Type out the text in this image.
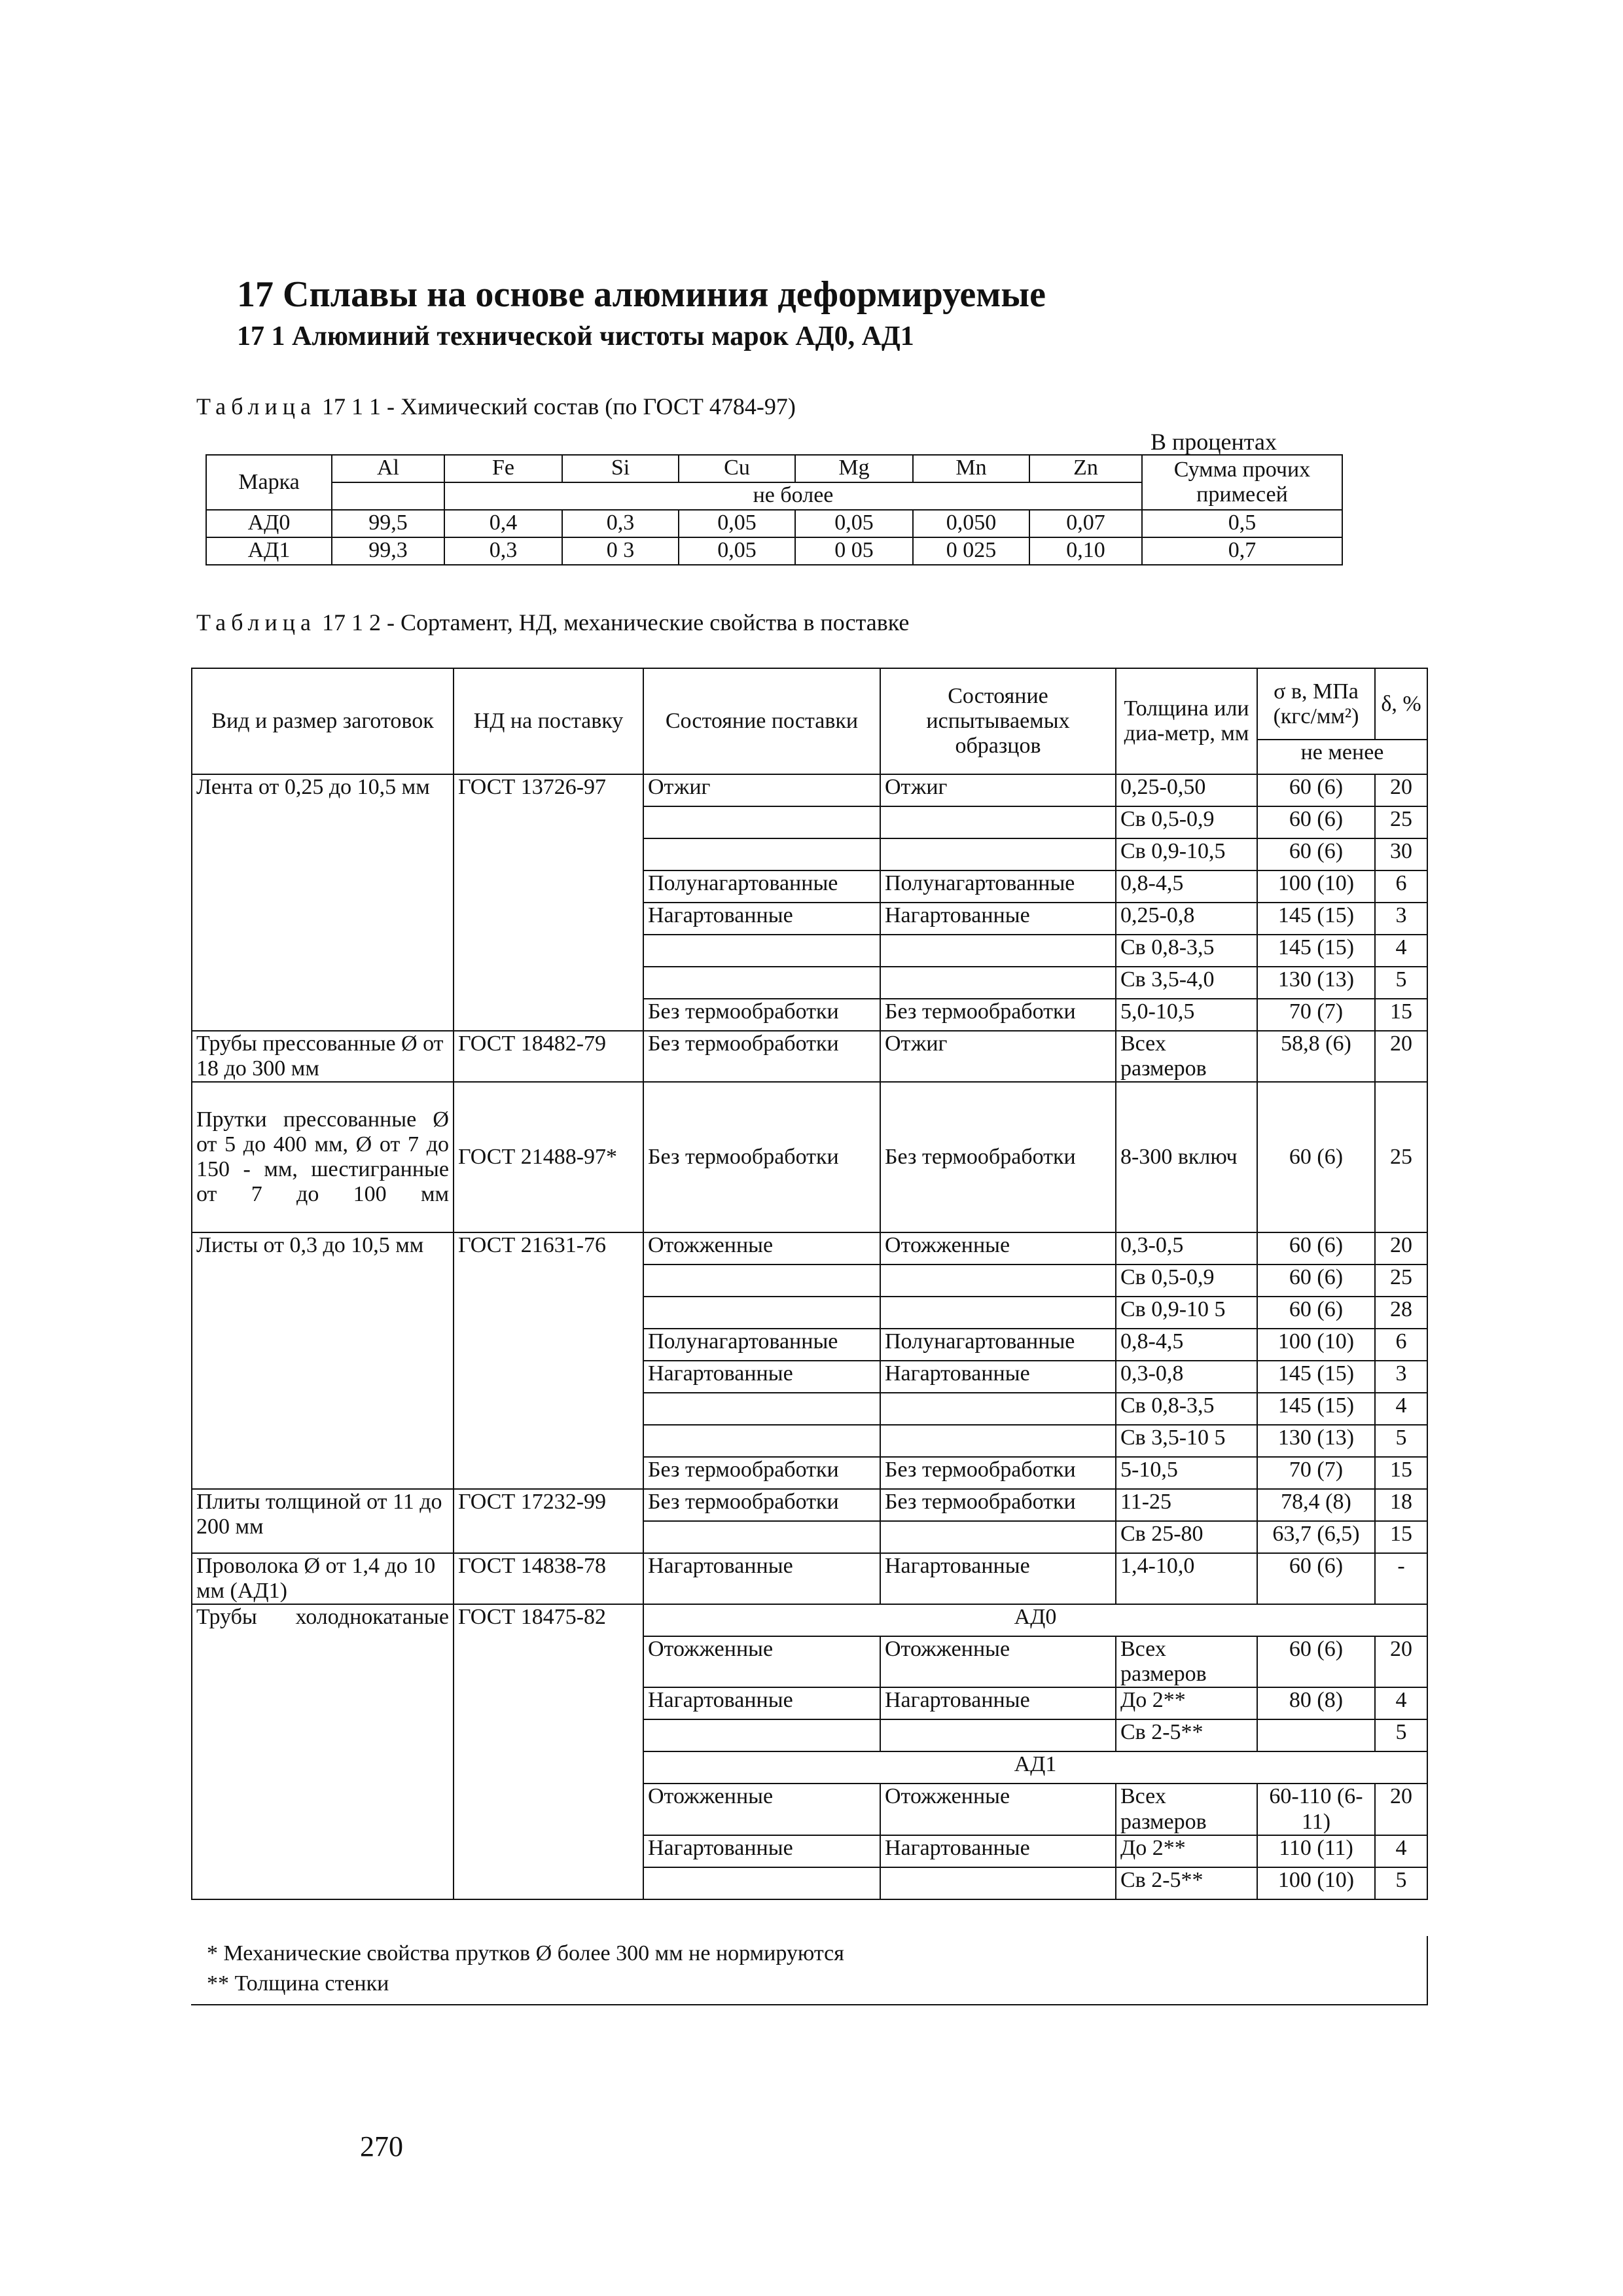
17 Сплавы на основе алюминия деформируемые
17 1 Алюминий технической чистоты марок АД0, АД1
Таблица 17 1 1 - Химический состав (по ГОСТ 4784-97)
В процентах
Марка	Al	Fe	Si	Cu	Mg	Mn	Zn	Сумма прочих примесей
		не более						
АД0	99,5	0,4	0,3	0,05	0,05	0,050	0,07	0,5
АД1	99,3	0,3	0 3	0,05	0 05	0 025	0,10	0,7
Таблица 17 1 2 - Сортамент, НД, механические свойства в поставке
Вид и размер заготовок	НД на поставку	Состояние поставки	Состояние испытываемых образцов	Толщина или диа-метр, мм	σ в, МПа (кгс/мм²)	δ, %
					не менее	
Лента от 0,25 до 10,5 мм	ГОСТ 13726-97	Отжиг	Отжиг	0,25-0,50	60 (6)	20
				Св 0,5-0,9	60 (6)	25
				Св 0,9-10,5	60 (6)	30
		Полунагартованные	Полунагартованные	0,8-4,5	100 (10)	6
		Нагартованные	Нагартованные	0,25-0,8	145 (15)	3
				Св 0,8-3,5	145 (15)	4
				Св 3,5-4,0	130 (13)	5
		Без термообработки	Без термообработки	5,0-10,5	70 (7)	15
Трубы прессованные Ø от 18 до 300 мм	ГОСТ 18482-79	Без термообработки	Отжиг	Всех размеров	58,8 (6)	20
Прутки прессованные Ø от 5 до 400 мм, Ø от 7 до 150 - мм, шестигранные от 7 до 100 мм	ГОСТ 21488-97*	Без термообработки	Без термообработки	8-300 включ	60 (6)	25
Листы от 0,3 до 10,5 мм	ГОСТ 21631-76	Отожженные	Отожженные	0,3-0,5	60 (6)	20
				Св 0,5-0,9	60 (6)	25
				Св 0,9-10 5	60 (6)	28
		Полунагартованные	Полунагартованные	0,8-4,5	100 (10)	6
		Нагартованные	Нагартованные	0,3-0,8	145 (15)	3
				Св 0,8-3,5	145 (15)	4
				Св 3,5-10 5	130 (13)	5
		Без термообработки	Без термообработки	5-10,5	70 (7)	15
Плиты толщиной от 11 до 200 мм	ГОСТ 17232-99	Без термообработки	Без термообработки	11-25	78,4 (8)	18
				Св 25-80	63,7 (6,5)	15
Проволока Ø от 1,4 до 10 мм (АД1)	ГОСТ 14838-78	Нагартованные	Нагартованные	1,4-10,0	60 (6)	-
Трубы холоднокатаные	ГОСТ 18475-82	АД0				
		Отожженные	Отожженные	Всех размеров	60 (6)	20
		Нагартованные	Нагартованные	До 2**	80 (8)	4
				Св 2-5**		5
		АД1				
		Отожженные	Отожженные	Всех размеров	60-110 (6-11)	20
		Нагартованные	Нагартованные	До 2**	110 (11)	4
				Св 2-5**	100 (10)	5
* Механические свойства прутков Ø более 300 мм не нормируются
** Толщина стенки
270
